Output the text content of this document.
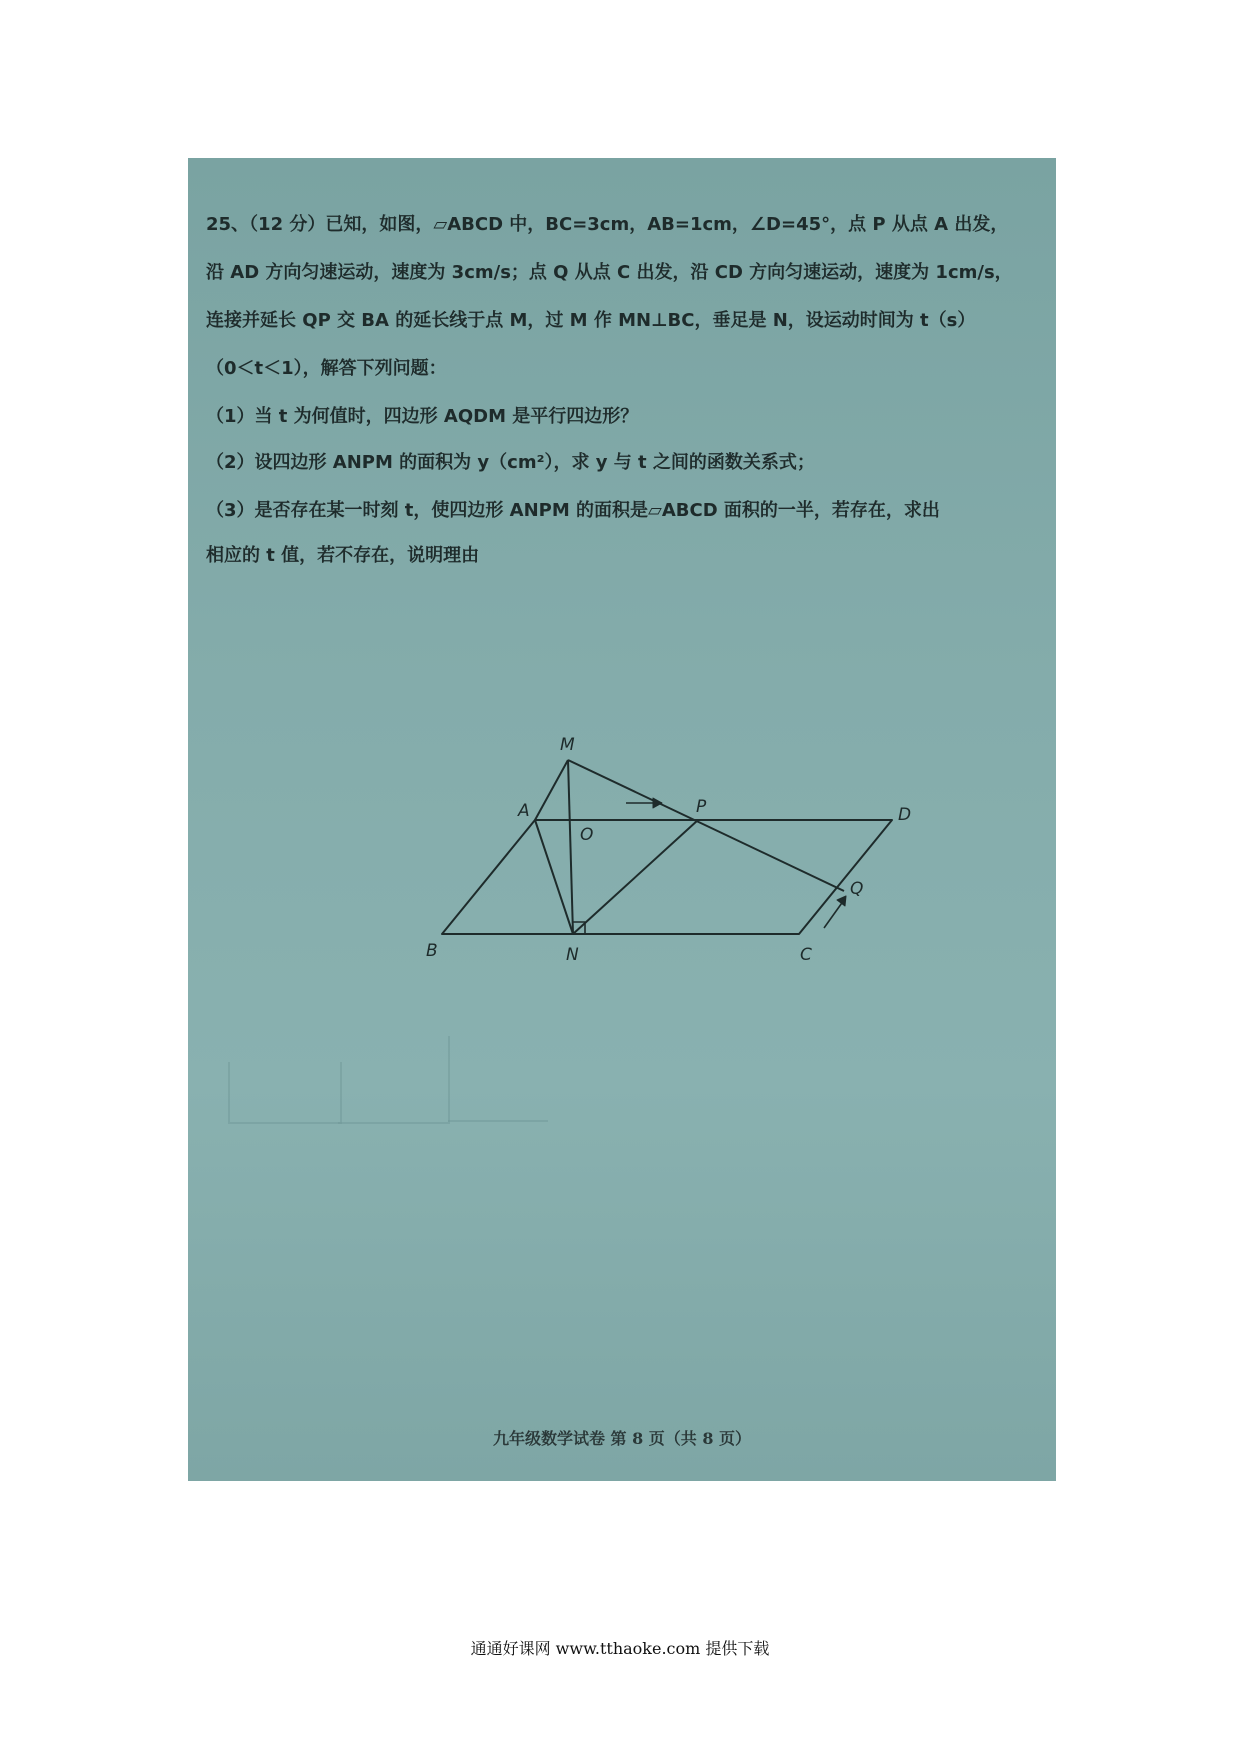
25、（12 分）已知，如图，▱ABCD 中，BC=3cm，AB=1cm，∠D=45°，点 P 从点 A 出发，
沿 AD 方向匀速运动，速度为 3cm/s；点 Q 从点 C 出发，沿 CD 方向匀速运动，速度为 1cm/s，
连接并延长 QP 交 BA 的延长线于点 M，过 M 作 MN⊥BC，垂足是 N，设运动时间为 t（s）
（0＜t＜1），解答下列问题：
（1）当 t 为何值时，四边形 AQDM 是平行四边形？
（2）设四边形 ANPM 的面积为 y（cm²），求 y 与 t 之间的函数关系式；
（3）是否存在某一时刻 t，使四边形 ANPM 的面积是▱ABCD 面积的一半，若存在，求出
相应的 t 值，若不存在，说明理由
M
A
O
P	D
Q
B	N	C
九年级数学试卷 第 8 页（共 8 页）
通通好课网 www.tthaoke.com 提供下载
